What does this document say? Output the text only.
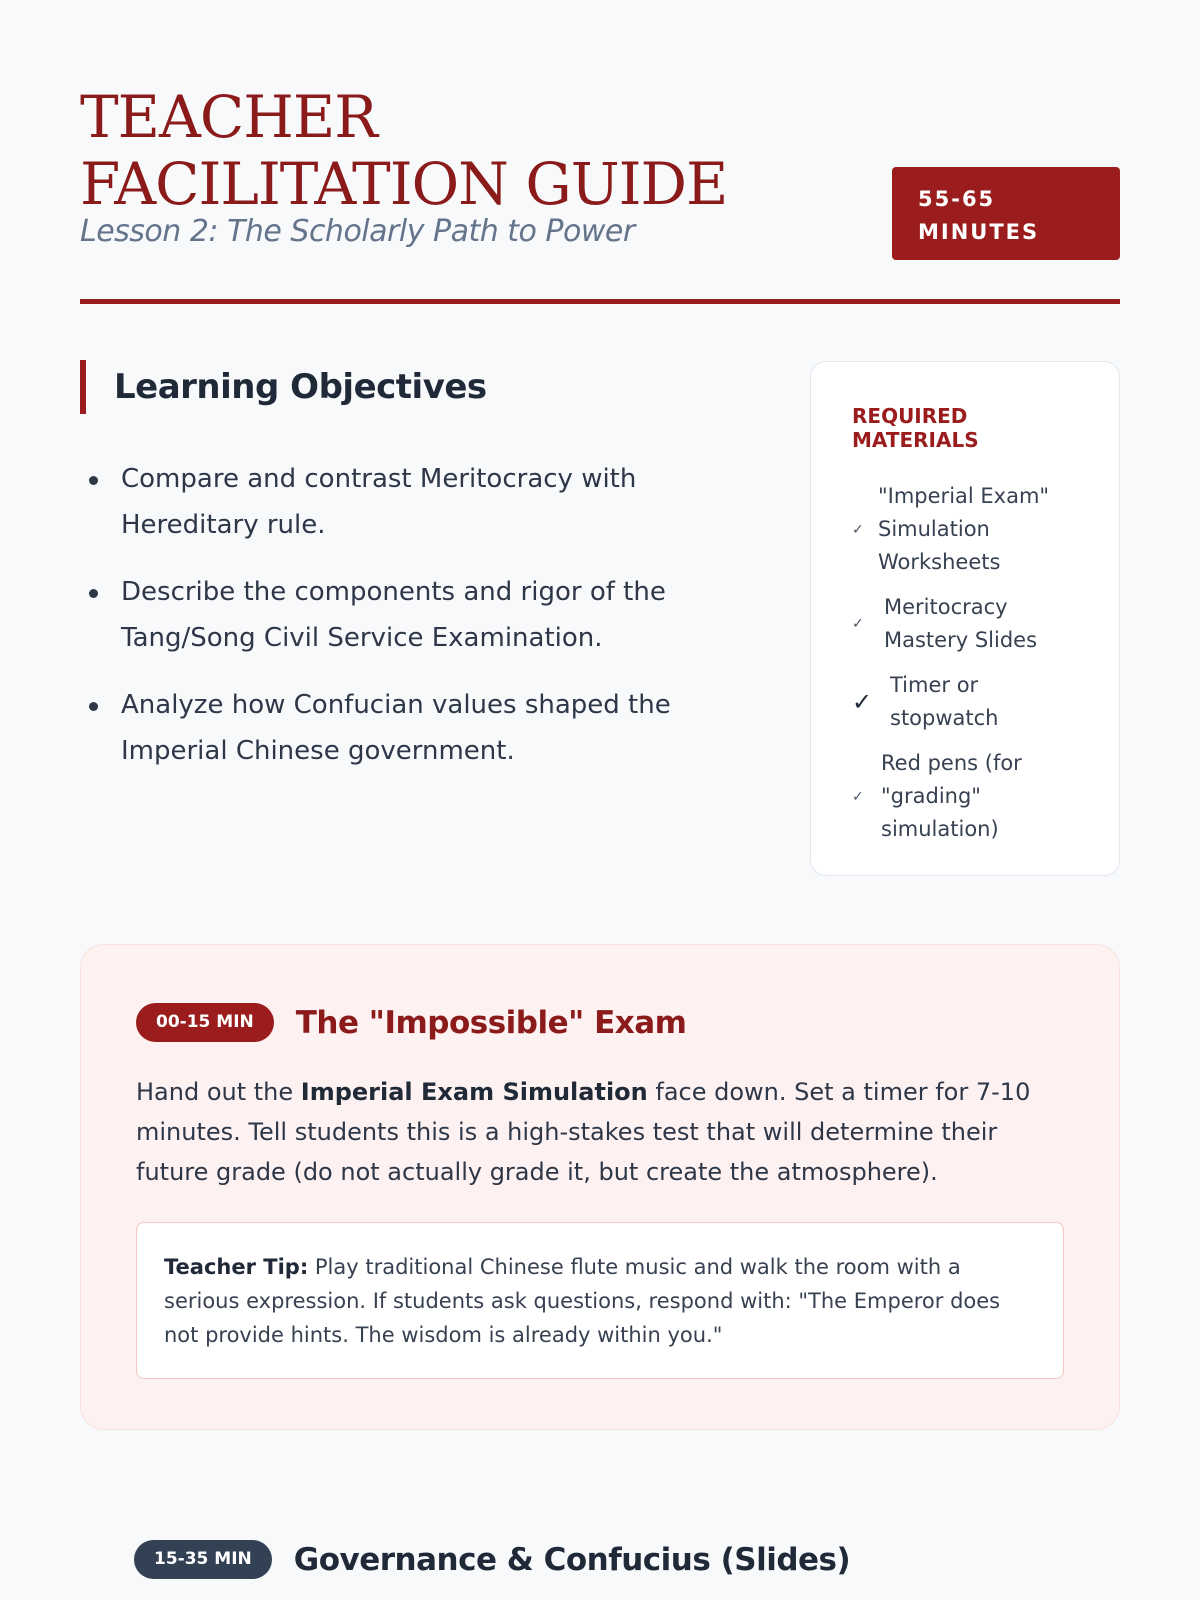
TEACHER FACILITATION GUIDE
Lesson 2: The Scholarly Path to Power
55-65
MINUTES
Learning Objectives
Compare and contrast Meritocracy with Hereditary rule.
Describe the components and rigor of the Tang/Song Civil Service Examination.
Analyze how Confucian values shaped the Imperial Chinese government.
REQUIRED MATERIALS
✓
"Imperial Exam" Simulation Worksheets
✓
Meritocracy Mastery Slides
✓
Timer or stopwatch
✓
Red pens (for "grading" simulation)
00-15 MIN	The "Impossible" Exam

Hand out the Imperial Exam Simulation face down. Set a timer for 7-10 minutes. Tell students this is a high-stakes test that will determine their future grade (do not actually grade it, but create the atmosphere).

Teacher Tip: Play traditional Chinese flute music and walk the room with a serious expression. If students ask questions, respond with: "The Emperor does not provide hints. The wisdom is already within you."
15-35 MIN	Governance & Confucius (Slides)
